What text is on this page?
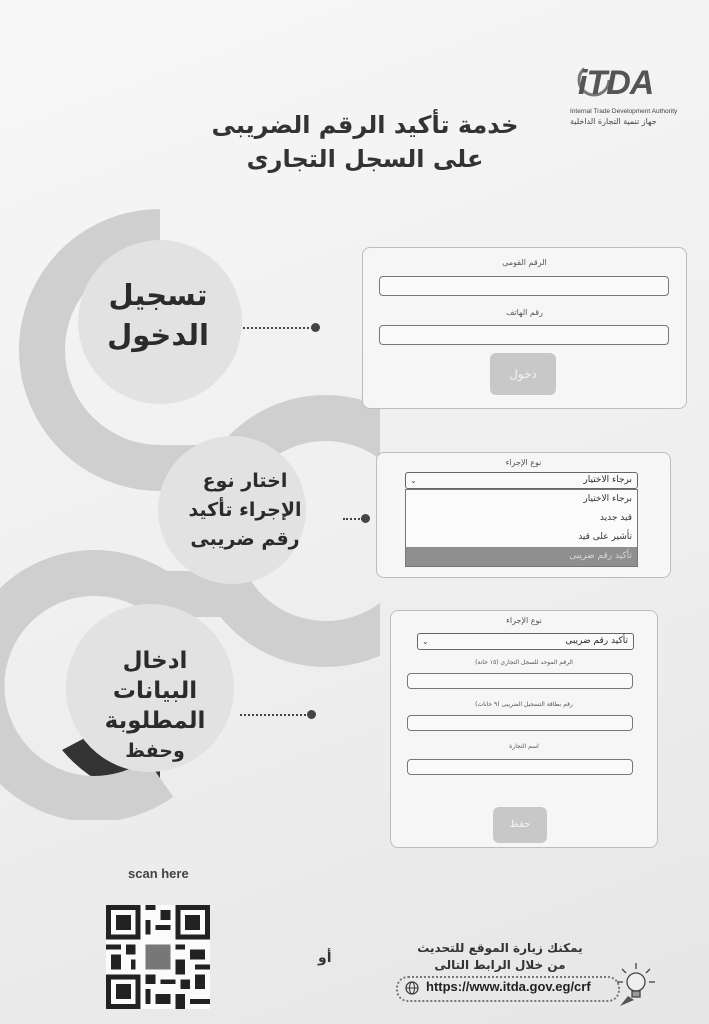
iTDA
Internal Trade Development Authority
جهاز تنمية التجارة الداخلية
خدمة تأكيد الرقم الضريبى
على السجل التجارى
تسجيل
الدخول
اختار نوع
الإجراء تأكيد
رقم ضريبى
ادخال
البيانات
المطلوبة
وحفظ
الرقم القومى
رقم الهاتف
دخول
نوع الإجراء
برجاء الاختيار
⌄
برجاء الاختيار
قيد جديد
تأشير على قيد
تأكيد رقم ضريبى
نوع الإجراء
تأكيد رقم ضريبى
⌄
الرقم الموحد للسجل التجارى (١٥ خانة)
رقم بطاقة التسجيل الضريبى (٩ خانات)
اسم التجارة
حفظ
scan here
أو
يمكنك زيارة الموقع للتحديث
من خلال الرابط التالى
https://www.itda.gov.eg/crf
